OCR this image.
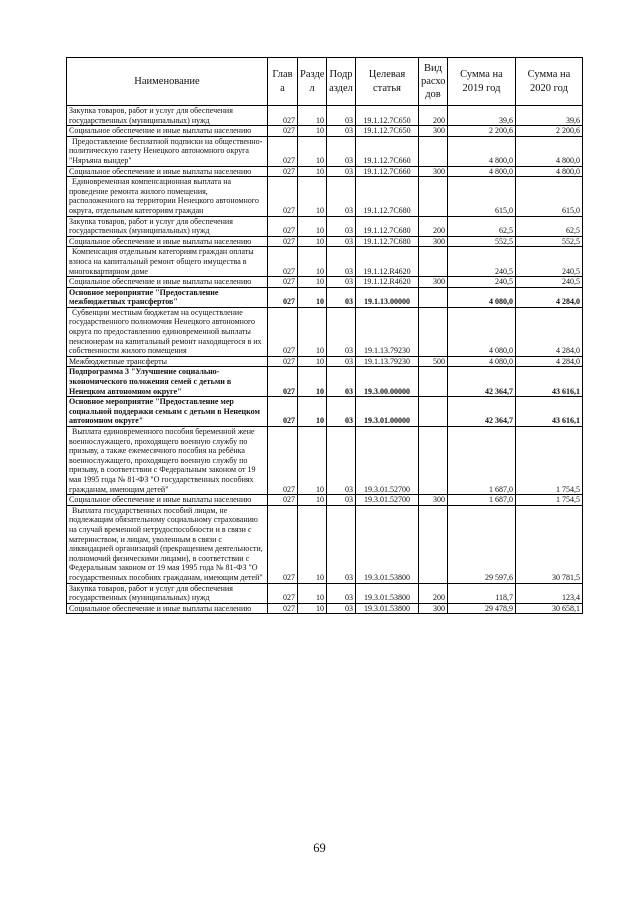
Наименование	Глав а	Разде л	Подр аздел	Целевая статья	Вид расхо дов	Сумма на 2019 год	Сумма на 2020 год
Закупка товаров, работ и услуг для обеспечения государственных (муниципальных) нужд	027	10	03	19.1.12.7С650	200	39,6	39,6
Социальное обеспечение и иные выплаты населению	027	10	03	19.1.12.7С650	300	2 200,6	2 200,6
Предоставление бесплатной подписки на общественно-политическую газету Ненецкого автономного округа "Няръяна вындер"	027	10	03	19.1.12.7С660		4 800,0	4 800,0
Социальное обеспечение и иные выплаты населению	027	10	03	19.1.12.7С660	300	4 800,0	4 800,0
Единовременная компенсационная выплата на проведение ремонта жилого помещения, расположенного на территории Ненецкого автономного округа, отдельным категориям граждан	027	10	03	19.1.12.7С680		615,0	615,0
Закупка товаров, работ и услуг для обеспечения государственных (муниципальных) нужд	027	10	03	19.1.12.7С680	200	62,5	62,5
Социальное обеспечение и иные выплаты населению	027	10	03	19.1.12.7С680	300	552,5	552,5
Компенсация отдельным категориям граждан оплаты взноса на капитальный ремонт общего имущества в многоквартирном доме	027	10	03	19.1.12.R4620		240,5	240,5
Социальное обеспечение и иные выплаты населению	027	10	03	19.1.12.R4620	300	240,5	240,5
Основное мероприятие "Предоставление межбюджетных трансфертов"	027	10	03	19.1.13.00000		4 080,0	4 284,0
Субвенции местным бюджетам на осуществление государственного полномочия Ненецкого автономного округа по предоставлению единовременной выплаты пенсионерам на капитальный ремонт находящегося в их собственности жилого помещения	027	10	03	19.1.13.79230		4 080,0	4 284,0
Межбюджетные трансферты	027	10	03	19.1.13.79230	500	4 080,0	4 284,0
Подпрограмма 3 "Улучшение социально-экономического положения семей с детьми в Ненецком автономном округе"	027	10	03	19.3.00.00000		42 364,7	43 616,1
Основное мероприятие "Предоставление мер социальной поддержки семьям с детьми в Ненецком автономном округе"	027	10	03	19.3.01.00000		42 364,7	43 616,1
Выплата единовременного пособия беременной жене военнослужащего, проходящего военную службу по призыву, а также ежемесячного пособия на ребёнка военнослужащего, проходящего военную службу по призыву, в соответствии с Федеральным законом от 19 мая 1995 года № 81-ФЗ "О государственных пособиях гражданам, имеющим детей"	027	10	03	19.3.01.52700		1 687,0	1 754,5
Социальное обеспечение и иные выплаты населению	027	10	03	19.3.01.52700	300	1 687,0	1 754,5
Выплата государственных пособий лицам, не подлежащим обязательному социальному страхованию на случай временной нетрудоспособности и в связи с материнством, и лицам, уволенным в связи с ликвидацией организаций (прекращением деятельности, полномочий физическими лицами), в соответствии с Федеральным законом от 19 мая 1995 года № 81-ФЗ "О государственных пособиях гражданам, имеющим детей"	027	10	03	19.3.01.53800		29 597,6	30 781,5
Закупка товаров, работ и услуг для обеспечения государственных (муниципальных) нужд	027	10	03	19.3.01.53800	200	118,7	123,4
Социальное обеспечение и иные выплаты населению	027	10	03	19.3.01.53800	300	29 478,9	30 658,1
69
